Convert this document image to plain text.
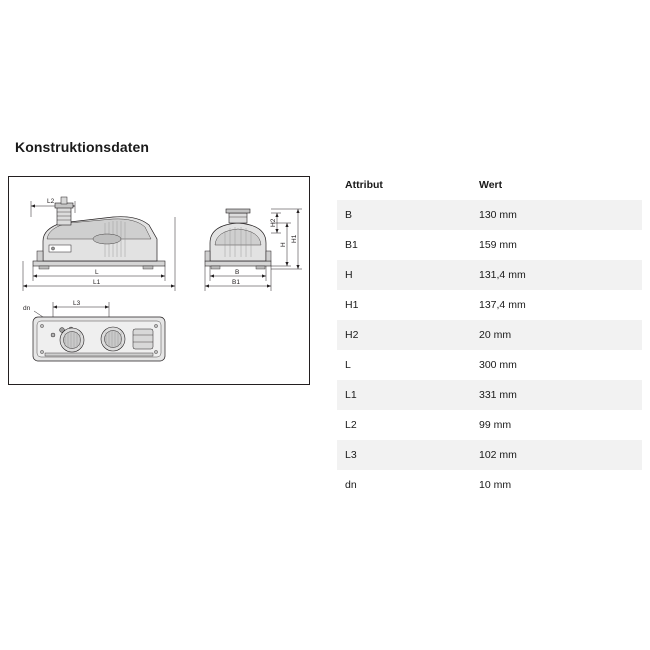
Konstruktionsdaten
L2
L
L1
H2
H
H1
B
B1
L3
dn
Attribut	Wert
B	130 mm
B1	159 mm
H	131,4 mm
H1	137,4 mm
H2	20 mm
L	300 mm
L1	331 mm
L2	99 mm
L3	102 mm
dn	10 mm
